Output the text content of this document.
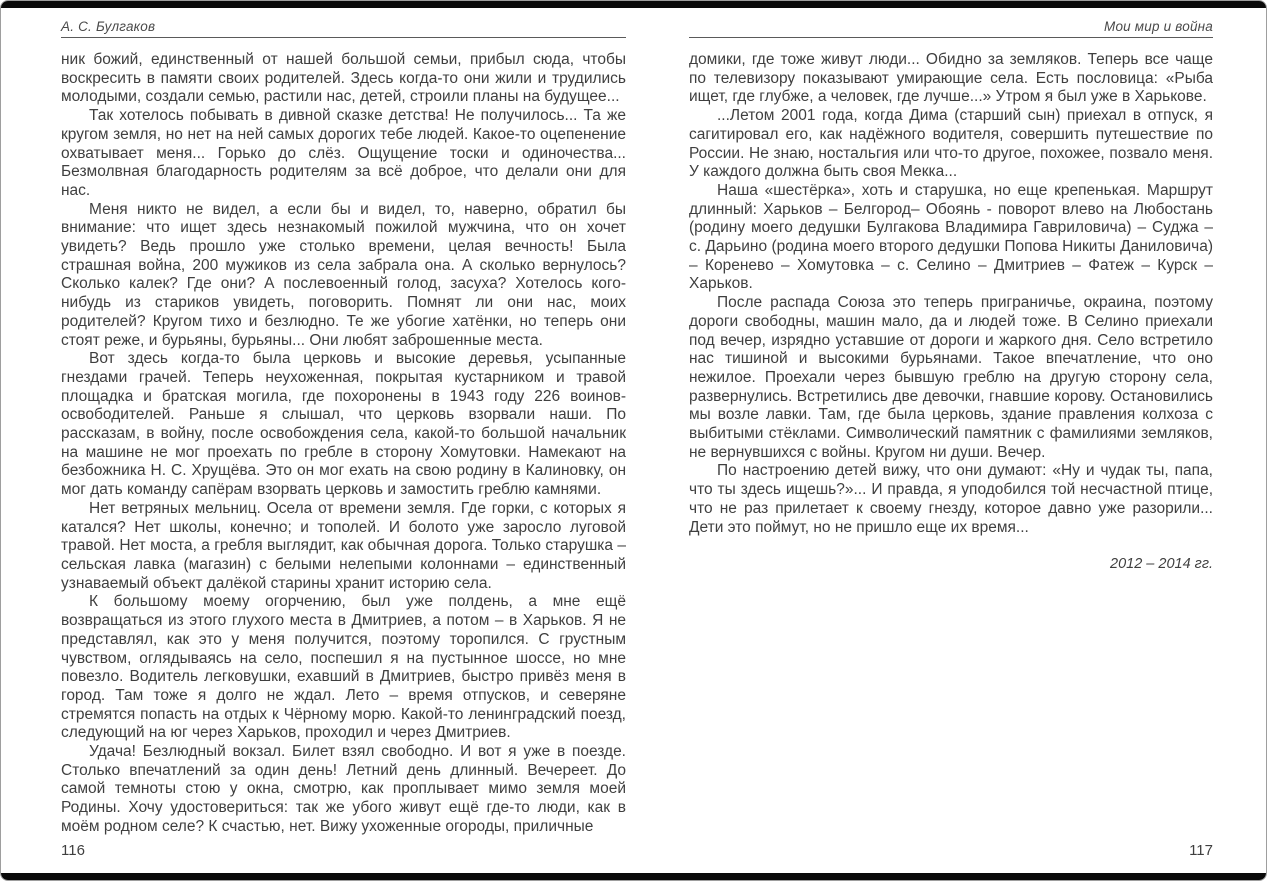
А. С. Булгаков

ник божий, единственный от нашей большой семьи, прибыл сюда, чтобы воскресить в памяти своих родителей. Здесь когда-то они жили и трудились молодыми, создали семью, растили нас, детей, строили планы на будущее...

Так хотелось побывать в дивной сказке детства! Не получилось... Та же кругом земля, но нет на ней самых дорогих тебе людей. Какое-то оцепенение охватывает меня... Горько до слёз. Ощущение тоски и одиночества... Безмолвная благодарность родителям за всё доброе, что делали они для нас.

Меня никто не видел, а если бы и видел, то, наверно, обратил бы внимание: что ищет здесь незнакомый пожилой мужчина, что он хочет увидеть? Ведь прошло уже столько времени, целая вечность! Была страшная война, 200 мужиков из села забрала она. А сколько вернулось? Сколько калек? Где они? А послевоенный голод, засуха? Хотелось кого-нибудь из стариков увидеть, поговорить. Помнят ли они нас, моих родителей? Кругом тихо и безлюдно. Те же убогие хатёнки, но теперь они стоят реже, и бурьяны, бурьяны... Они любят заброшенные места.

Вот здесь когда-то была церковь и высокие деревья, усыпанные гнездами грачей. Теперь неухоженная, покрытая кустарником и травой площадка и братская могила, где похоронены в 1943 году 226 воинов-освободителей. Раньше я слышал, что церковь взорвали наши. По рассказам, в войну, после освобождения села, какой-то большой начальник на машине не мог проехать по гребле в сторону Хомутовки. Намекают на безбожника Н. С. Хрущёва. Это он мог ехать на свою родину в Калиновку, он мог дать команду сапёрам взорвать церковь и замостить греблю камнями.

Нет ветряных мельниц. Осела от времени земля. Где горки, с которых я катался? Нет школы, конечно; и тополей. И болото уже заросло луговой травой. Нет моста, а гребля выглядит, как обычная дорога. Только старушка – сельская лавка (магазин) с белыми нелепыми колоннами – единственный узнаваемый объект далёкой старины хранит историю села.

К большому моему огорчению, был уже полдень, а мне ещё возвращаться из этого глухого места в Дмитриев, а потом – в Харьков. Я не представлял, как это у меня получится, поэтому торопился. С грустным чувством, оглядываясь на село, поспешил я на пустынное шоссе, но мне повезло. Водитель легковушки, ехавший в Дмитриев, быстро привёз меня в город. Там тоже я долго не ждал. Лето – время отпусков, и северяне стремятся попасть на отдых к Чёрному морю. Какой-то ленинградский поезд, следующий на юг через Харьков, проходил и через Дмитриев.

Удача! Безлюдный вокзал. Билет взял свободно. И вот я уже в поезде. Столько впечатлений за один день! Летний день длинный. Вечереет. До самой темноты стою у окна, смотрю, как проплывает мимо земля моей Родины. Хочу удостовериться: так же убого живут ещё где-то люди, как в моём родном селе? К счастью, нет. Вижу ухоженные огороды, приличные

116
Мои мир и война

домики, где тоже живут люди... Обидно за земляков. Теперь все чаще по телевизору показывают умирающие села. Есть пословица: «Рыба ищет, где глубже, а человек, где лучше...» Утром я был уже в Харькове.

...Летом 2001 года, когда Дима (старший сын) приехал в отпуск, я сагитировал его, как надёжного водителя, совершить путешествие по России. Не знаю, ностальгия или что-то другое, похожее, позвало меня. У каждого должна быть своя Мекка...

Наша «шестёрка», хоть и старушка, но еще крепенькая. Маршрут длинный: Харьков – Белгород– Обоянь - поворот влево на Любостань (родину моего дедушки Булгакова Владимира Гавриловича) – Суджа – с. Дарьино (родина моего второго дедушки Попова Никиты Даниловича) – Коренево – Хомутовка – с. Селино – Дмитриев – Фатеж – Курск – Харьков.

После распада Союза это теперь приграничье, окраина, поэтому дороги свободны, машин мало, да и людей тоже. В Селино приехали под вечер, изрядно уставшие от дороги и жаркого дня. Село встретило нас тишиной и высокими бурьянами. Такое впечатление, что оно нежилое. Проехали через бывшую греблю на другую сторону села, развернулись. Встретились две девочки, гнавшие корову. Остановились мы возле лавки. Там, где была церковь, здание правления колхоза с выбитыми стёклами. Символический памятник с фамилиями земляков, не вернувшихся с войны. Кругом ни души. Вечер.

По настроению детей вижу, что они думают: «Ну и чудак ты, папа, что ты здесь ищешь?»... И правда, я уподобился той несчастной птице, что не раз прилетает к своему гнезду, которое давно уже разорили... Дети это поймут, но не пришло еще их время...

2012 – 2014 гг.
117
